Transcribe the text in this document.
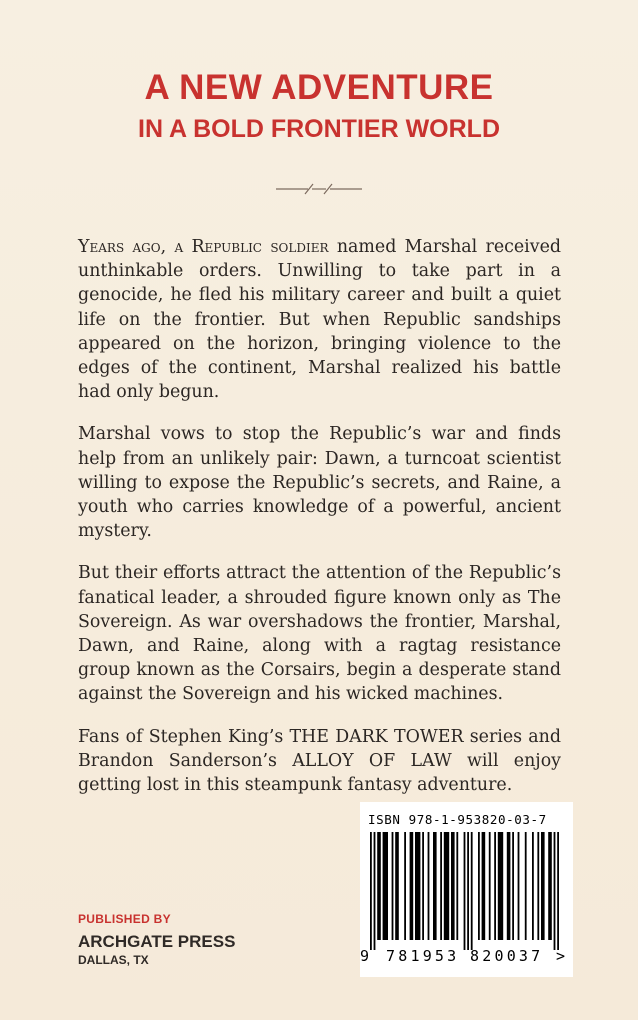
A NEW ADVENTURE
IN A BOLD FRONTIER WORLD

Years ago, a Republic soldier named Marshal received unthinkable orders. Unwilling to take part in a genocide, he fled his military career and built a quiet life on the frontier. But when Republic sandships appeared on the horizon, bringing violence to the edges of the continent, Marshal realized his battle had only begun.

Marshal vows to stop the Republic’s war and finds help from an unlikely pair: Dawn, a turncoat scientist willing to expose the Republic’s secrets, and Raine, a youth who carries knowledge of a powerful, ancient mystery.

But their efforts attract the attention of the Republic’s fanatical leader, a shrouded figure known only as The Sovereign. As war overshadows the frontier, Marshal, Dawn, and Raine, along with a ragtag resistance group known as the Corsairs, begin a desperate stand against the Sovereign and his wicked machines.

Fans of Stephen King’s THE DARK TOWER series and Brandon Sanderson’s ALLOY OF LAW will enjoy getting lost in this steampunk fantasy adventure.

PUBLISHED BY
ARCHGATE PRESS
DALLAS, TX
ISBN 978-1-953820-03-7
9 781953 820037 >
